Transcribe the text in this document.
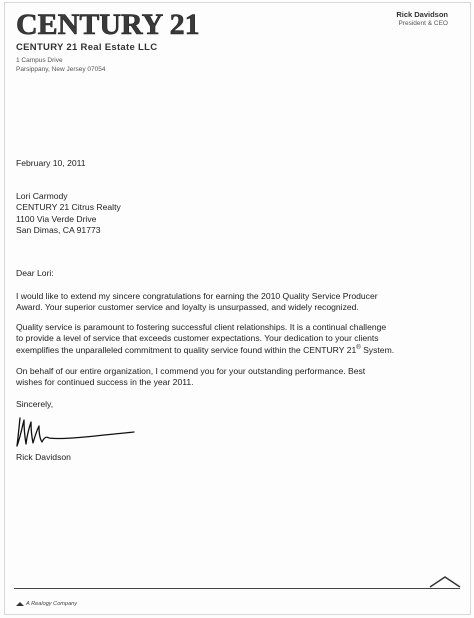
CENTURY 21
CENTURY 21 Real Estate LLC
1 Campus Drive
Parsippany, New Jersey 07054
Rick Davidson
President & CEO
February 10, 2011
Lori Carmody
CENTURY 21 Citrus Realty
1100 Via Verde Drive
San Dimas, CA 91773
Dear Lori:
I would like to extend my sincere congratulations for earning the 2010 Quality Service Producer
Award. Your superior customer service and loyalty is unsurpassed, and widely recognized.
Quality service is paramount to fostering successful client relationships. It is a continual challenge
to provide a level of service that exceeds customer expectations. Your dedication to your clients
exemplifies the unparalleled commitment to quality service found within the CENTURY 21® System.
On behalf of our entire organization, I commend you for your outstanding performance. Best
wishes for continued success in the year 2011.
Sincerely,
Rick Davidson
A Realogy Company
